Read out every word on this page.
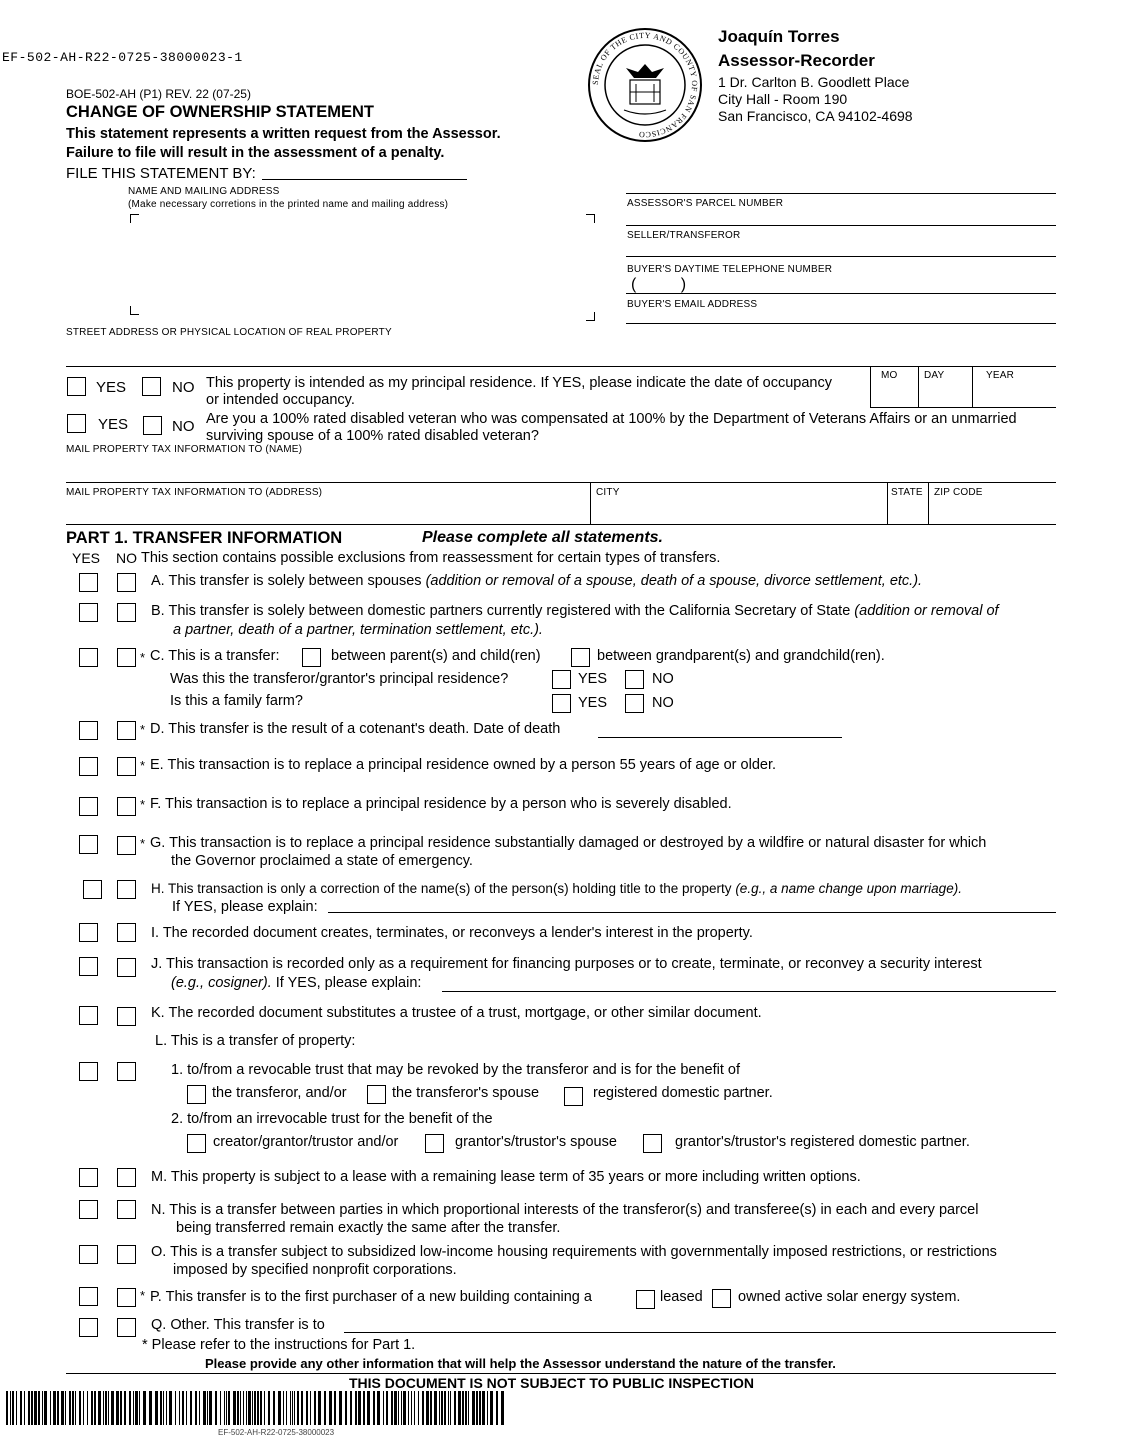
EF-502-AH-R22-0725-38000023-1
SEAL OF THE CITY AND COUNTY OF SAN FRANCISCO
Joaquín Torres
Assessor-Recorder
1 Dr. Carlton B. Goodlett Place
City Hall - Room 190
San Francisco, CA 94102-4698
BOE-502-AH (P1) REV. 22 (07-25)
CHANGE OF OWNERSHIP STATEMENT
This statement represents a written request from the Assessor.
Failure to file will result in the assessment of a penalty.
FILE THIS STATEMENT BY:
NAME AND MAILING ADDRESS
(Make necessary corretions in the printed name and mailing address)	ASSESSOR'S PARCEL NUMBER
SELLER/TRANSFEROR
BUYER'S DAYTIME TELEPHONE NUMBER
(          )
BUYER'S EMAIL ADDRESS
STREET ADDRESS OR PHYSICAL LOCATION OF REAL PROPERTY
YES	NO This property is intended as my principal residence. If YES, please indicate the date of occupancy
or intended occupancy.
MO	DAY	YEAR
YES	NO Are you a 100% rated disabled veteran who was compensated at 100% by the Department of Veterans Affairs or an unmarried
surviving spouse of a 100% rated disabled veteran?
MAIL PROPERTY TAX INFORMATION TO (NAME)
MAIL PROPERTY TAX INFORMATION TO (ADDRESS)	CITY	STATE ZIP CODE
PART 1. TRANSFER INFORMATION	Please complete all statements.
YES NO This section contains possible exclusions from reassessment for certain types of transfers.
A. This transfer is solely between spouses (addition or removal of a spouse, death of a spouse, divorce settlement, etc.).
B. This transfer is solely between domestic partners currently registered with the California Secretary of State (addition or removal of
a partner, death of a partner, termination settlement, etc.).
* C. This is a transfer:	between parent(s) and child(ren)	between grandparent(s) and grandchild(ren).
Was this the transferor/grantor's principal residence?	YES	NO
Is this a family farm?	YES	NO
* D. This transfer is the result of a cotenant's death. Date of death
* E. This transaction is to replace a principal residence owned by a person 55 years of age or older.
* F. This transaction is to replace a principal residence by a person who is severely disabled.
* G. This transaction is to replace a principal residence substantially damaged or destroyed by a wildfire or natural disaster for which
the Governor proclaimed a state of emergency.
H. This transaction is only a correction of the name(s) of the person(s) holding title to the property (e.g., a name change upon marriage).
If YES, please explain:
I. The recorded document creates, terminates, or reconveys a lender's interest in the property.
J. This transaction is recorded only as a requirement for financing purposes or to create, terminate, or reconvey a security interest
(e.g., cosigner). If YES, please explain:
K. The recorded document substitutes a trustee of a trust, mortgage, or other similar document.
L. This is a transfer of property:
1. to/from a revocable trust that may be revoked by the transferor and is for the benefit of
the transferor, and/or	the transferor's spouse	registered domestic partner.
2. to/from an irrevocable trust for the benefit of the
creator/grantor/trustor and/or	grantor's/trustor's spouse	grantor's/trustor's registered domestic partner.
M. This property is subject to a lease with a remaining lease term of 35 years or more including written options.
N. This is a transfer between parties in which proportional interests of the transferor(s) and transferee(s) in each and every parcel
being transferred remain exactly the same after the transfer.
O. This is a transfer subject to subsidized low-income housing requirements with governmentally imposed restrictions, or restrictions
imposed by specified nonprofit corporations.
* P. This transfer is to the first purchaser of a new building containing a	leased owned active solar energy system.
Q. Other. This transfer is to
* Please refer to the instructions for Part 1.
Please provide any other information that will help the Assessor understand the nature of the transfer.
THIS DOCUMENT IS NOT SUBJECT TO PUBLIC INSPECTION
EF-502-AH-R22-0725-38000023
